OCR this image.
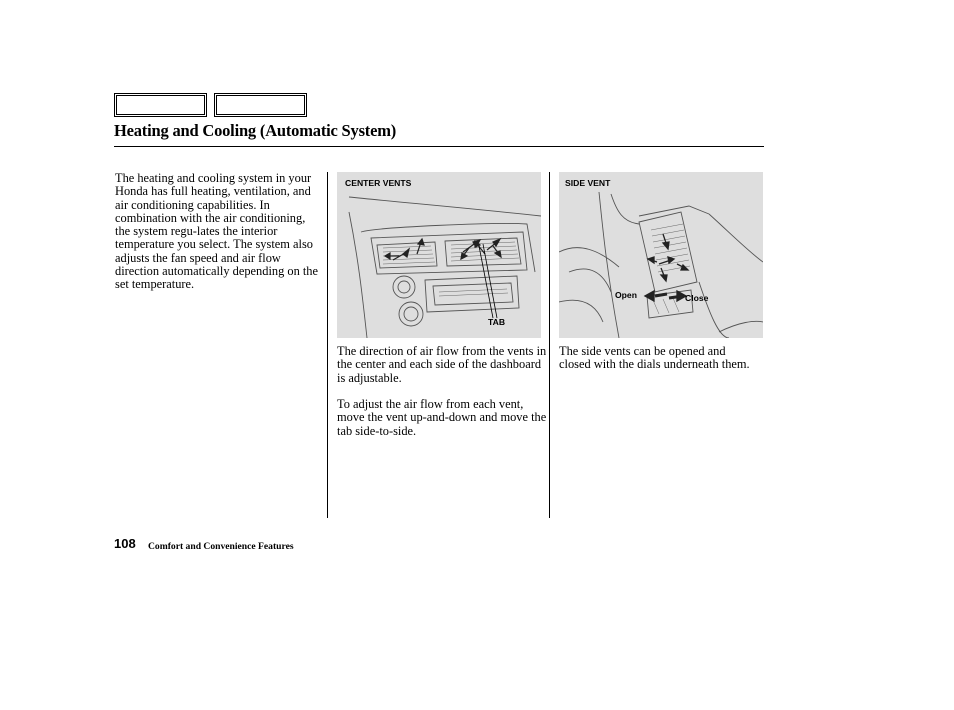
Heating and Cooling (Automatic System)

The heating and cooling system in your Honda has full heating, ventilation, and air conditioning capabilities. In combination with the air conditioning, the system regu-lates the interior temperature you select. The system also adjusts the fan speed and air flow direction automatically depending on the set temperature.

CENTER VENTS
TAB
SIDE VENT
Open	Close

The direction of air flow from the vents in the center and each side of the dashboard is adjustable.

To adjust the air flow from each vent, move the vent up-and-down and move the tab side-to-side.

The side vents can be opened and closed with the dials underneath them.

108 Comfort and Convenience Features
